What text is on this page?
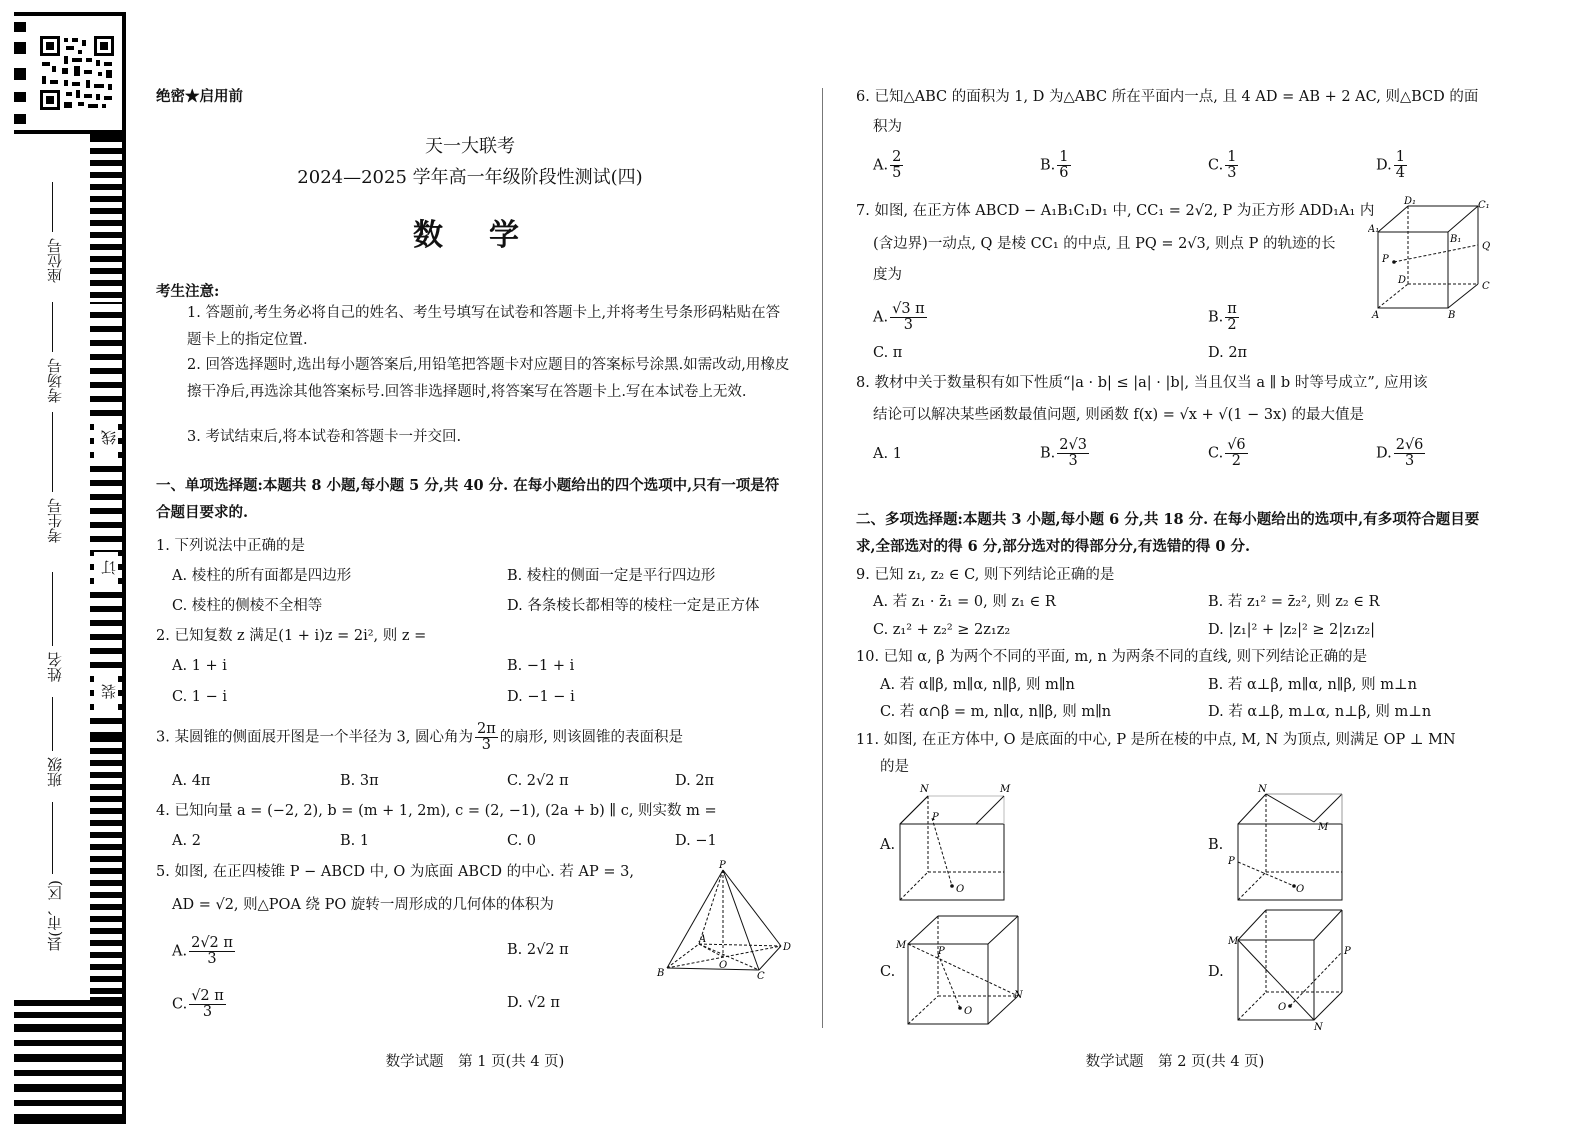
线
订
装
座位号
考场号
考生号
姓名
班级
县(市、区)
绝密★启用前
天一大联考
2024—2025 学年高一年级阶段性测试(四)
数　学
考生注意:
1. 答题前,考生务必将自己的姓名、考生号填写在试卷和答题卡上,并将考生号条形码粘贴在答题卡上的指定位置.
2. 回答选择题时,选出每小题答案后,用铅笔把答题卡对应题目的答案标号涂黑.如需改动,用橡皮擦干净后,再选涂其他答案标号.回答非选择题时,将答案写在答题卡上.写在本试卷上无效.
3. 考试结束后,将本试卷和答题卡一并交回.
一、单项选择题:本题共 8 小题,每小题 5 分,共 40 分. 在每小题给出的四个选项中,只有一项是符合题目要求的.
1. 下列说法中正确的是
A. 棱柱的所有面都是四边形	B. 棱柱的侧面一定是平行四边形
C. 棱柱的侧棱不全相等	D. 各条棱长都相等的棱柱一定是正方体
2. 已知复数 z 满足(1 + i)z = 2i², 则 z =
A. 1 + i	B. −1 + i
C. 1 − i	D. −1 − i
3. 某圆锥的侧面展开图是一个半径为 3, 圆心角为 $\frac{2\pi}{3}$ 的扇形, 则该圆锥的表面积是
A. 4π	B. 3π	C. 2√2 π	D. 2π
4. 已知向量 a = (−2, 2), b = (m + 1, 2m), c = (2, −1), (2a + b) ∥ c, 则实数 m =
A. 2	B. 1	C. 0	D. −1
5. 如图, 在正四棱锥 P − ABCD 中, O 为底面 ABCD 的中心. 若 AP = 3,
AD = √2, 则△POA 绕 PO 旋转一周形成的几何体的体积为
A. $\frac{2√2 \pi}{3}$	B. 2√2 π
C. $\frac{√2 \pi}{3}$	D. √2 π
P
A
D
B
O
C
数学试题　第 1 页(共 4 页)
6. 已知△ABC 的面积为 1, D 为△ABC 所在平面内一点, 且 4 AD = AB + 2 AC, 则△BCD 的面
积为
A. $\frac{2}{5}$	B. $\frac{1}{6}$	C. $\frac{1}{3}$	D. $\frac{1}{4}$
7. 如图, 在正方体 ABCD − A₁B₁C₁D₁ 中, CC₁ = 2√2, P 为正方形 ADD₁A₁ 内
(含边界)一动点, Q 是棱 CC₁ 的中点, 且 PQ = 2√3, 则点 P 的轨迹的长
度为
A. $\frac{√3 \pi}{3}$	B. $\frac{\pi}{2}$
C. π	D. 2π
D₁	C₁
A₁
B₁
Q
P
D
C
A	B
8. 教材中关于数量积有如下性质“|a · b| ≤ |a| · |b|, 当且仅当 a ∥ b 时等号成立”, 应用该
结论可以解决某些函数最值问题, 则函数 f(x) = √x + √(1 − 3x) 的最大值是
A. 1	B. $\frac{2√3}{3}$	C. $\frac{√6}{2}$	D. $\frac{2√6}{3}$
二、多项选择题:本题共 3 小题,每小题 6 分,共 18 分. 在每小题给出的选项中,有多项符合题目要求,全部选对的得 6 分,部分选对的得部分分,有选错的得 0 分.
9. 已知 z₁, z₂ ∈ C, 则下列结论正确的是
A. 若 z₁ · z̄₁ = 0, 则 z₁ ∈ R	B. 若 z₁² = z̄₂², 则 z₂ ∈ R
C. z₁² + z₂² ≥ 2z₁z₂	D. |z₁|² + |z₂|² ≥ 2|z₁z₂|
10. 已知 α, β 为两个不同的平面, m, n 为两条不同的直线, 则下列结论正确的是
A. 若 α∥β, m∥α, n∥β, 则 m∥n	B. 若 α⊥β, m∥α, n∥β, 则 m⊥n
C. 若 α∩β = m, n∥α, n∥β, 则 m∥n	D. 若 α⊥β, m⊥α, n⊥β, 则 m⊥n
11. 如图, 在正方体中, O 是底面的中心, P 是所在棱的中点, M, N 为顶点, 则满足 OP ⊥ MN
的是
A.	B.
C.	D.
N	M
P
O
N
M
P
O
N
M
P
O
N
M
P
O
数学试题　第 2 页(共 4 页)
